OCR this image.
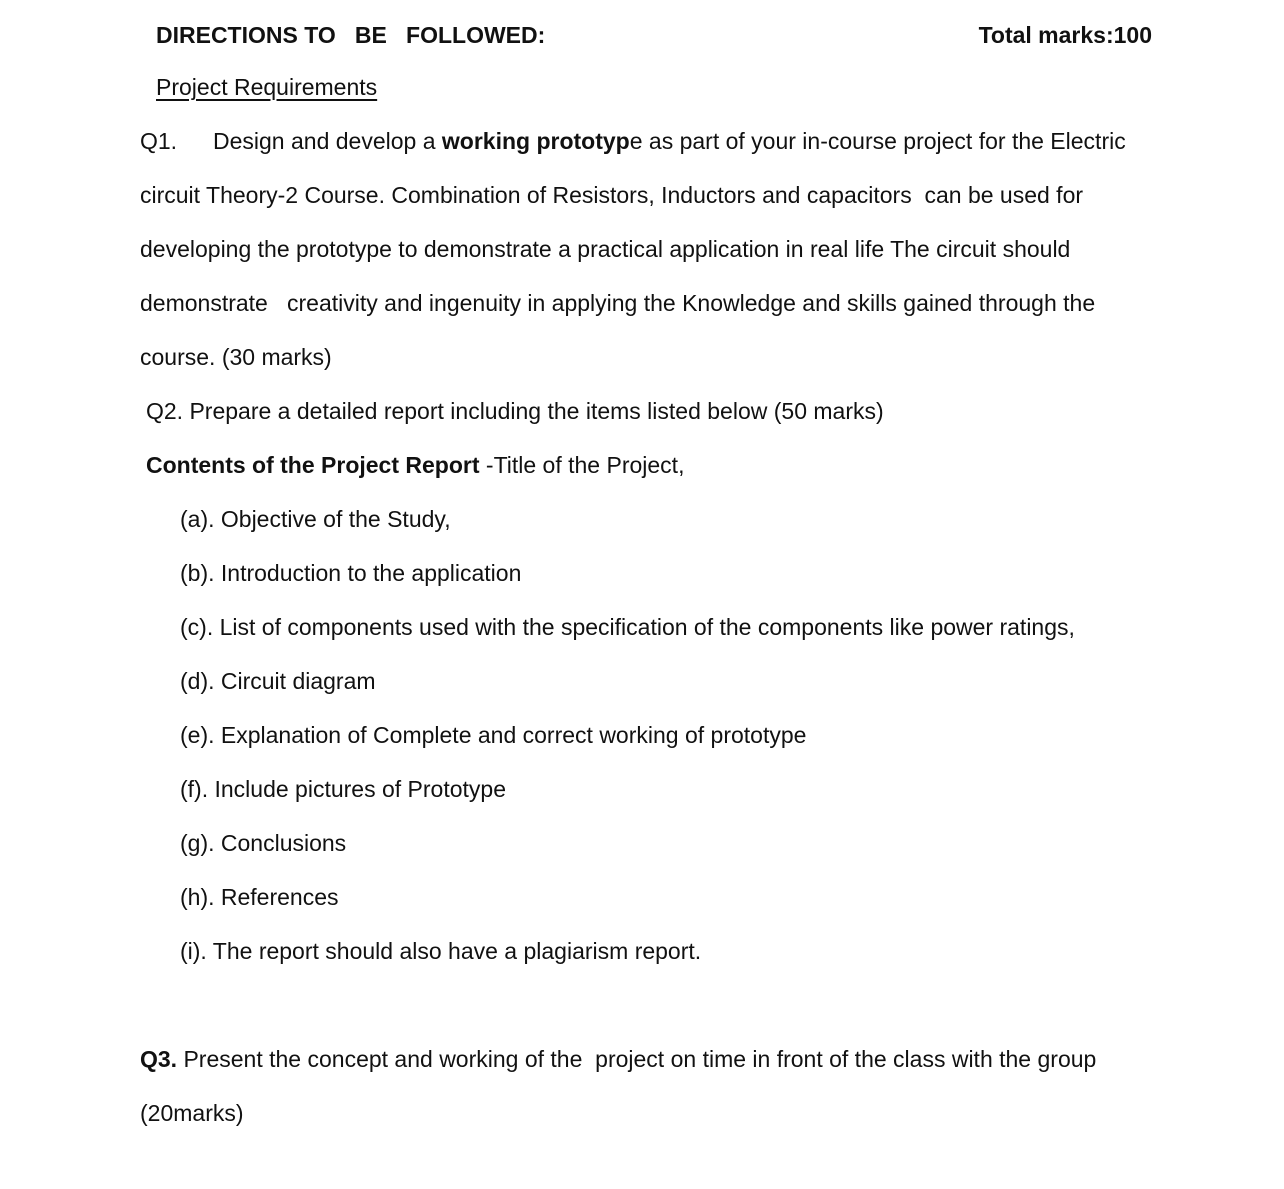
DIRECTIONS TO   BE   FOLLOWED:	Total marks:100
Project Requirements
Q1. Design and develop a working prototype as part of your in-course project for the Electric
circuit Theory-2 Course. Combination of Resistors, Inductors and capacitors  can be used for
developing the prototype to demonstrate a practical application in real life The circuit should
demonstrate   creativity and ingenuity in applying the Knowledge and skills gained through the
course. (30 marks)
Q2. Prepare a detailed report including the items listed below (50 marks)
Contents of the Project Report -Title of the Project,
(a). Objective of the Study,
(b). Introduction to the application
(c). List of components used with the specification of the components like power ratings,
(d). Circuit diagram
(e). Explanation of Complete and correct working of prototype
(f). Include pictures of Prototype
(g). Conclusions
(h). References
(i). The report should also have a plagiarism report.
Q3. Present the concept and working of the  project on time in front of the class with the group
(20marks)
